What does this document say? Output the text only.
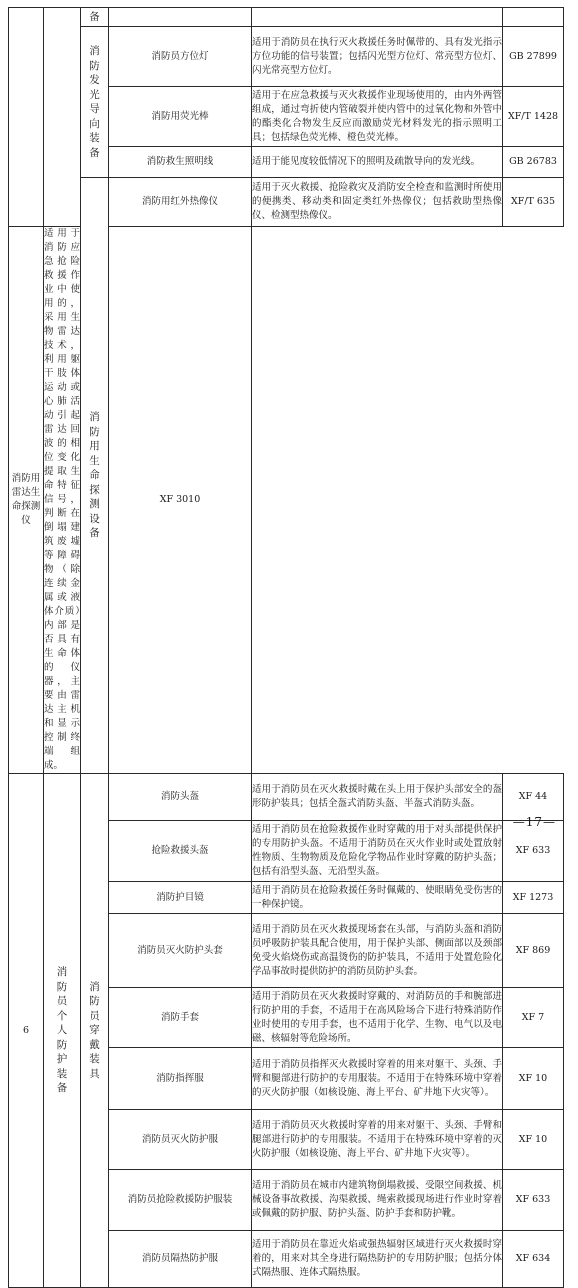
		备			

		消防发光导向装备	消防员方位灯	适用于消防员在执行灭火救援任务时佩带的、具有发光指示方位功能的信号装置；包括闪光型方位灯、常亮型方位灯、闪光常亮型方位灯。	GB 27899
			消防用荧光棒	适用于在应急救援与灭火救援作业现场使用的，由内外两管组成，通过弯折使内管破裂并使内管中的过氧化物和外管中的酯类化合物发生反应而激励荧光材料发光的指示照明工具；包括绿色荧光棒、橙色荧光棒。	XF/T 1428
			消防救生照明线	适用于能见度较低情况下的照明及疏散导向的发光线。	GB 26783

		消防用生命探测设备	消防用红外热像仪	适用于灭火救援、抢险救灾及消防安全检查和监测时所使用的便携类、移动类和固定类红外热像仪；包括救助型热像仪、检测型热像仪。	XF/T 635
消防用雷达生命探测仪	适用于消防应急抢险救援作业中使用的，采用生物雷达技术，利用躯干肢体运动或心肺活动引起雷达回波的相位变化提取生命特征信号，判断在倒塌建筑废墟等障碍物（除连续金属或液体介质）内部是否具有生命体的仪器，主要由雷达主机和显示控制终端组成。		XF 3010		
6	消防员个人防护装备	消防员穿戴装具	消防头盔	适用于消防员在灭火救援时戴在头上用于保护头部安全的盔形防护装具；包括全盔式消防头盔、半盔式消防头盔。	XF 44
			抢险救援头盔	适用于消防员在抢险救援作业时穿戴的用于对头部提供保护的专用防护头盔。不适用于消防员在灭火作业时或处置放射性物质、生物物质及危险化学物品作业时穿戴的防护头盔；包括有沿型头盔、无沿型头盔。	XF 633
			消防护目镜	适用于消防员在抢险救援任务时佩戴的、使眼睛免受伤害的一种保护镜。	XF 1273
			消防员灭火防护头套	适用于消防员在灭火救援现场套在头部，与消防头盔和消防员呼吸防护装具配合使用，用于保护头部、侧面部以及颈部免受火焰烧伤或高温烫伤的防护装具，不适用于处置危险化学品事故时提供防护的消防员防护头套。	XF 869
			消防手套	适用于消防员在灭火救援时穿戴的、对消防员的手和腕部进行防护用的手套，不适用于在高风险场合下进行特殊消防作业时使用的专用手套，也不适用于化学、生物、电气以及电磁、核辐射等危险场所。	XF 7
			消防指挥服	适用于消防员指挥灭火救援时穿着的用来对躯干、头颈、手臂和腿部进行防护的专用服装。不适用于在特殊环境中穿着的灭火防护服（如核设施、海上平台、矿井地下火灾等）。	XF 10
			消防员灭火防护服	适用于消防员灭火救援时穿着的用来对躯干、头颈、手臂和腿部进行防护的专用服装。不适用于在特殊环境中穿着的灭火防护服（如核设施、海上平台、矿井地下火灾等）。	XF 10
			消防员抢险救援防护服装	适用于消防员在城市内建筑物倒塌救援、受限空间救援、机械设备事故救援、沟渠救援、绳索救援现场进行作业时穿着或佩戴的防护服、防护头盔、防护手套和防护靴。	XF 633
			消防员隔热防护服	适用于消防员在靠近火焰或强热辐射区域进行灭火救援时穿着的，用来对其全身进行隔热防护的专用防护服；包括分体式隔热服、连体式隔热服。	XF 634
—17—
